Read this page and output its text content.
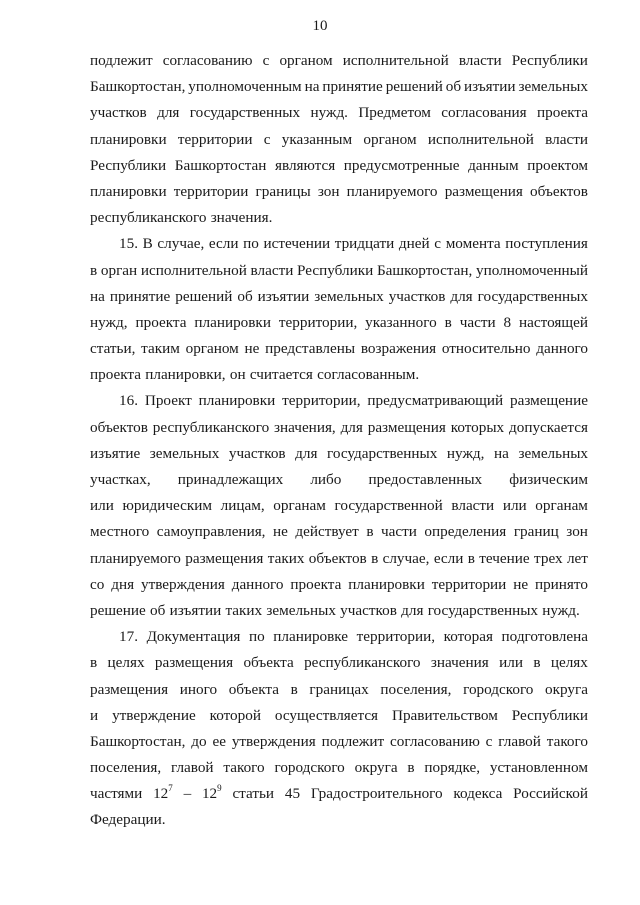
10
подлежит согласованию с органом исполнительной власти Республики
Башкортостан, уполномоченным на принятие решений об изъятии земельных
участков для государственных нужд. Предметом согласования проекта
планировки территории с указанным органом исполнительной власти
Республики Башкортостан являются предусмотренные данным проектом
планировки территории границы зон планируемого размещения объектов
республиканского значения.
15. В случае, если по истечении тридцати дней с момента поступления
в орган исполнительной власти Республики Башкортостан, уполномоченный
на принятие решений об изъятии земельных участков для государственных
нужд, проекта планировки территории, указанного в части 8 настоящей
статьи, таким органом не представлены возражения относительно данного
проекта планировки, он считается согласованным.
16. Проект планировки территории, предусматривающий размещение
объектов республиканского значения, для размещения которых допускается
изъятие земельных участков для государственных нужд, на земельных
участках, принадлежащих либо предоставленных физическим
или юридическим лицам, органам государственной власти или органам
местного самоуправления, не действует в части определения границ зон
планируемого размещения таких объектов в случае, если в течение трех лет
со дня утверждения данного проекта планировки территории не принято
решение об изъятии таких земельных участков для государственных нужд.
17. Документация по планировке территории, которая подготовлена
в целях размещения объекта республиканского значения или в целях
размещения иного объекта в границах поселения, городского округа
и утверждение которой осуществляется Правительством Республики
Башкортостан, до ее утверждения подлежит согласованию с главой такого
поселения, главой такого городского округа в порядке, установленном
частями $12^7 - 12^9$ статьи 45 Градостроительного кодекса Российской
Федерации.
